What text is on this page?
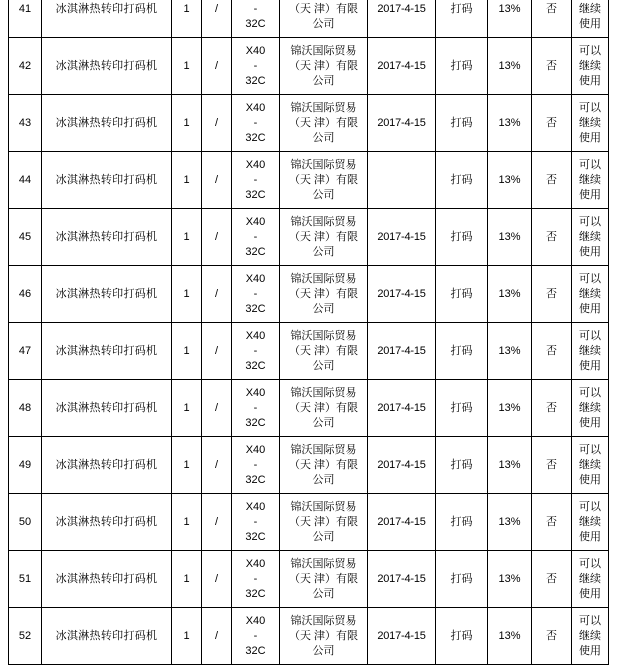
41	冰淇淋热转印打码机	1	/	-
32C	（天 津）有限
公司	2017-4-15	打码	13%	否	继续
使用

42	冰淇淋热转印打码机	1	/	X40
-
32C	锦沃国际贸易
（天 津）有限
公司	2017-4-15	打码	13%	否	可以
继续
使用

43	冰淇淋热转印打码机	1	/	X40
-
32C	锦沃国际贸易
（天 津）有限
公司	2017-4-15	打码	13%	否	可以
继续
使用

44	冰淇淋热转印打码机	1	/	X40
-
32C	锦沃国际贸易
（天 津）有限
公司		打码	13%	否	可以
继续
使用

45	冰淇淋热转印打码机	1	/	X40
-
32C	锦沃国际贸易
（天 津）有限
公司	2017-4-15	打码	13%	否	可以
继续
使用

46	冰淇淋热转印打码机	1	/	X40
-
32C	锦沃国际贸易
（天 津）有限
公司	2017-4-15	打码	13%	否	可以
继续
使用

47	冰淇淋热转印打码机	1	/	X40
-
32C	锦沃国际贸易
（天 津）有限
公司	2017-4-15	打码	13%	否	可以
继续
使用

48	冰淇淋热转印打码机	1	/	X40
-
32C	锦沃国际贸易
（天 津）有限
公司	2017-4-15	打码	13%	否	可以
继续
使用

49	冰淇淋热转印打码机	1	/	X40
-
32C	锦沃国际贸易
（天 津）有限
公司	2017-4-15	打码	13%	否	可以
继续
使用

50	冰淇淋热转印打码机	1	/	X40
-
32C	锦沃国际贸易
（天 津）有限
公司	2017-4-15	打码	13%	否	可以
继续
使用

51	冰淇淋热转印打码机	1	/	X40
-
32C	锦沃国际贸易
（天 津）有限
公司	2017-4-15	打码	13%	否	可以
继续
使用

52	冰淇淋热转印打码机	1	/	X40
-
32C	锦沃国际贸易
（天 津）有限
公司	2017-4-15	打码	13%	否	可以
继续
使用
